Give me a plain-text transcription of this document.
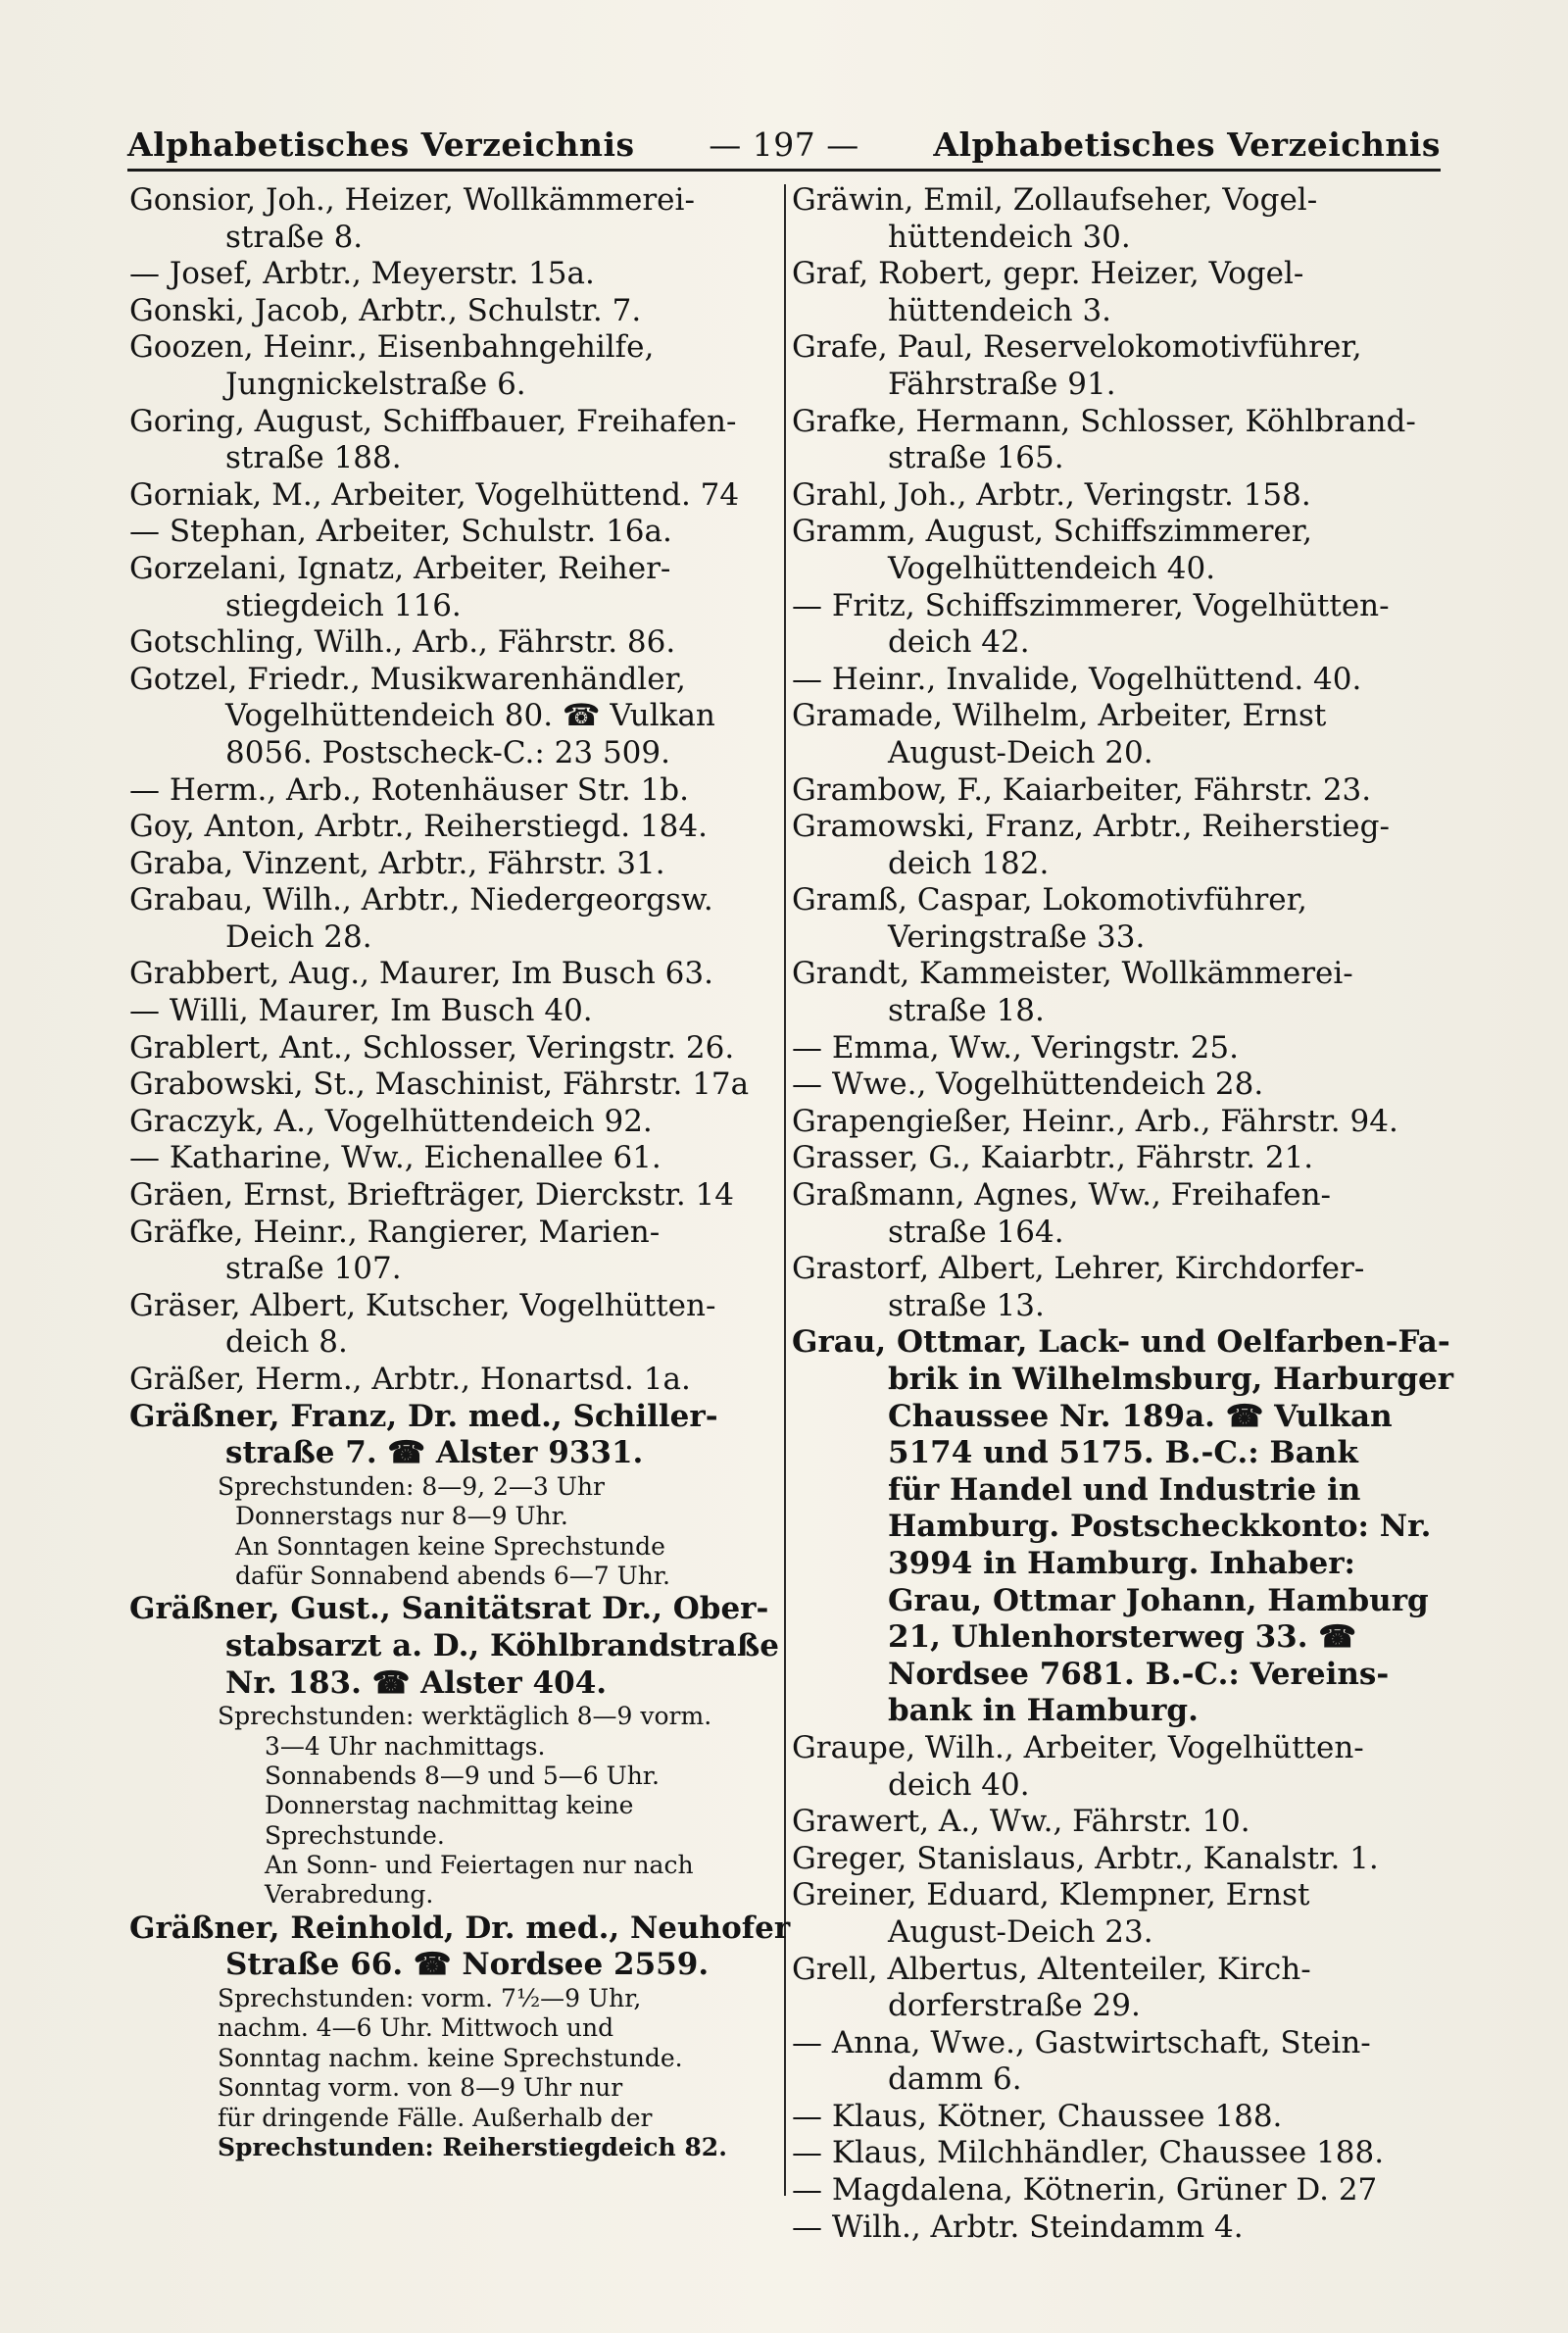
Alphabetisches Verzeichnis	— 197 —	Alphabetisches Verzeichnis
Gonsior, Joh., Heizer, Wollkämmerei-
straße 8.
— Josef, Arbtr., Meyerstr. 15a.
Gonski, Jacob, Arbtr., Schulstr. 7.
Goozen, Heinr., Eisenbahngehilfe,
Jungnickelstraße 6.
Goring, August, Schiffbauer, Freihafen-
straße 188.
Gorniak, M., Arbeiter, Vogelhüttend. 74
— Stephan, Arbeiter, Schulstr. 16a.
Gorzelani, Ignatz, Arbeiter, Reiher-
stiegdeich 116.
Gotschling, Wilh., Arb., Fährstr. 86.
Gotzel, Friedr., Musikwarenhändler,
Vogelhüttendeich 80. ☎ Vulkan
8056. Postscheck-C.: 23 509.
— Herm., Arb., Rotenhäuser Str. 1b.
Goy, Anton, Arbtr., Reiherstiegd. 184.
Graba, Vinzent, Arbtr., Fährstr. 31.
Grabau, Wilh., Arbtr., Niedergeorgsw.
Deich 28.
Grabbert, Aug., Maurer, Im Busch 63.
— Willi, Maurer, Im Busch 40.
Grablert, Ant., Schlosser, Veringstr. 26.
Grabowski, St., Maschinist, Fährstr. 17a
Graczyk, A., Vogelhüttendeich 92.
— Katharine, Ww., Eichenallee 61.
Gräen, Ernst, Briefträger, Dierckstr. 14
Gräfke, Heinr., Rangierer, Marien-
straße 107.
Gräser, Albert, Kutscher, Vogelhütten-
deich 8.
Gräßer, Herm., Arbtr., Honartsd. 1a.
Gräßner, Franz, Dr. med., Schiller-
straße 7. ☎ Alster 9331.
Sprechstunden: 8—9, 2—3 Uhr
Donnerstags nur 8—9 Uhr.
An Sonntagen keine Sprechstunde
dafür Sonnabend abends 6—7 Uhr.
Gräßner, Gust., Sanitätsrat Dr., Ober-
stabsarzt a. D., Köhlbrandstraße
Nr. 183. ☎ Alster 404.
Sprechstunden: werktäglich 8—9 vorm.
3—4 Uhr nachmittags.
Sonnabends 8—9 und 5—6 Uhr.
Donnerstag nachmittag keine
Sprechstunde.
An Sonn- und Feiertagen nur nach
Verabredung.
Gräßner, Reinhold, Dr. med., Neuhofer
Straße 66. ☎ Nordsee 2559.
Sprechstunden: vorm. 7½—9 Uhr,
nachm. 4—6 Uhr. Mittwoch und
Sonntag nachm. keine Sprechstunde.
Sonntag vorm. von 8—9 Uhr nur
für dringende Fälle. Außerhalb der
Sprechstunden: Reiherstiegdeich 82.
Gräwin, Emil, Zollaufseher, Vogel-
hüttendeich 30.
Graf, Robert, gepr. Heizer, Vogel-
hüttendeich 3.
Grafe, Paul, Reservelokomotivführer,
Fährstraße 91.
Grafke, Hermann, Schlosser, Köhlbrand-
straße 165.
Grahl, Joh., Arbtr., Veringstr. 158.
Gramm, August, Schiffszimmerer,
Vogelhüttendeich 40.
— Fritz, Schiffszimmerer, Vogelhütten-
deich 42.
— Heinr., Invalide, Vogelhüttend. 40.
Gramade, Wilhelm, Arbeiter, Ernst
August-Deich 20.
Grambow, F., Kaiarbeiter, Fährstr. 23.
Gramowski, Franz, Arbtr., Reiherstieg-
deich 182.
Gramß, Caspar, Lokomotivführer,
Veringstraße 33.
Grandt, Kammeister, Wollkämmerei-
straße 18.
— Emma, Ww., Veringstr. 25.
— Wwe., Vogelhüttendeich 28.
Grapengießer, Heinr., Arb., Fährstr. 94.
Grasser, G., Kaiarbtr., Fährstr. 21.
Graßmann, Agnes, Ww., Freihafen-
straße 164.
Grastorf, Albert, Lehrer, Kirchdorfer-
straße 13.
Grau, Ottmar, Lack- und Oelfarben-Fa-
brik in Wilhelmsburg, Harburger
Chaussee Nr. 189a. ☎ Vulkan
5174 und 5175. B.-C.: Bank
für Handel und Industrie in
Hamburg. Postscheckkonto: Nr.
3994 in Hamburg. Inhaber:
Grau, Ottmar Johann, Hamburg
21, Uhlenhorsterweg 33. ☎
Nordsee 7681. B.-C.: Vereins-
bank in Hamburg.
Graupe, Wilh., Arbeiter, Vogelhütten-
deich 40.
Grawert, A., Ww., Fährstr. 10.
Greger, Stanislaus, Arbtr., Kanalstr. 1.
Greiner, Eduard, Klempner, Ernst
August-Deich 23.
Grell, Albertus, Altenteiler, Kirch-
dorferstraße 29.
— Anna, Wwe., Gastwirtschaft, Stein-
damm 6.
— Klaus, Kötner, Chaussee 188.
— Klaus, Milchhändler, Chaussee 188.
— Magdalena, Kötnerin, Grüner D. 27
— Wilh., Arbtr. Steindamm 4.
